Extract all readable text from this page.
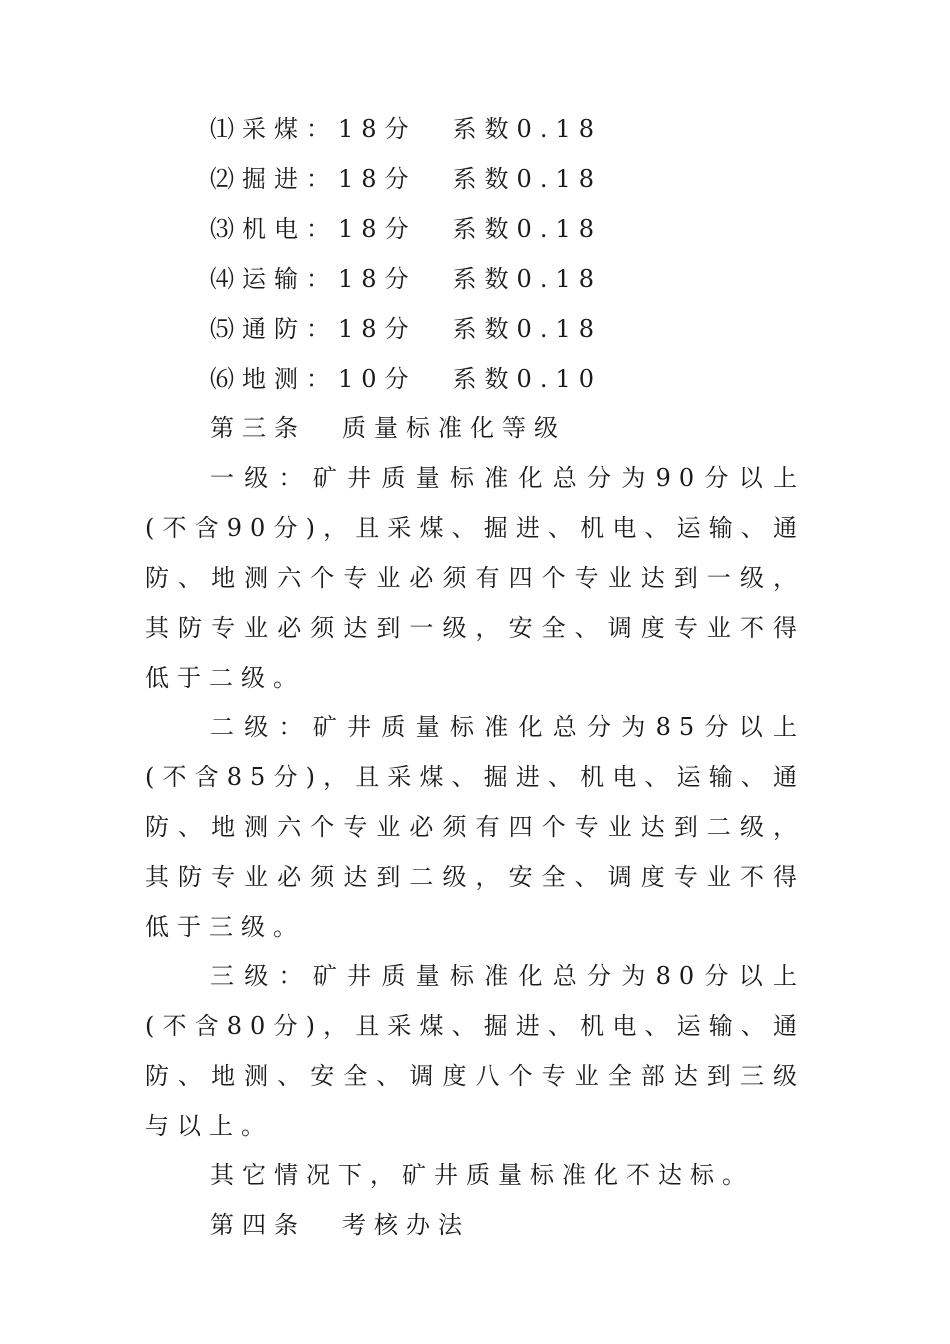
⑴采煤：18分 系数0.18
⑵掘进：18分 系数0.18
⑶机电：18分 系数0.18
⑷运输：18分 系数0.18
⑸通防：18分 系数0.18
⑹地测：10分 系数0.10
第三条 质量标准化等级
一级：矿井质量标准化总分为90分以上
(不含90分)，且采煤、掘进、机电、运输、通
防、地测六个专业必须有四个专业达到一级，
其防专业必须达到一级，安全、调度专业不得
低于二级。
二级：矿井质量标准化总分为85分以上
(不含85分)，且采煤、掘进、机电、运输、通
防、地测六个专业必须有四个专业达到二级，
其防专业必须达到二级，安全、调度专业不得
低于三级。
三级：矿井质量标准化总分为80分以上
(不含80分)，且采煤、掘进、机电、运输、通
防、地测、安全、调度八个专业全部达到三级
与以上。
其它情况下，矿井质量标准化不达标。
第四条 考核办法
